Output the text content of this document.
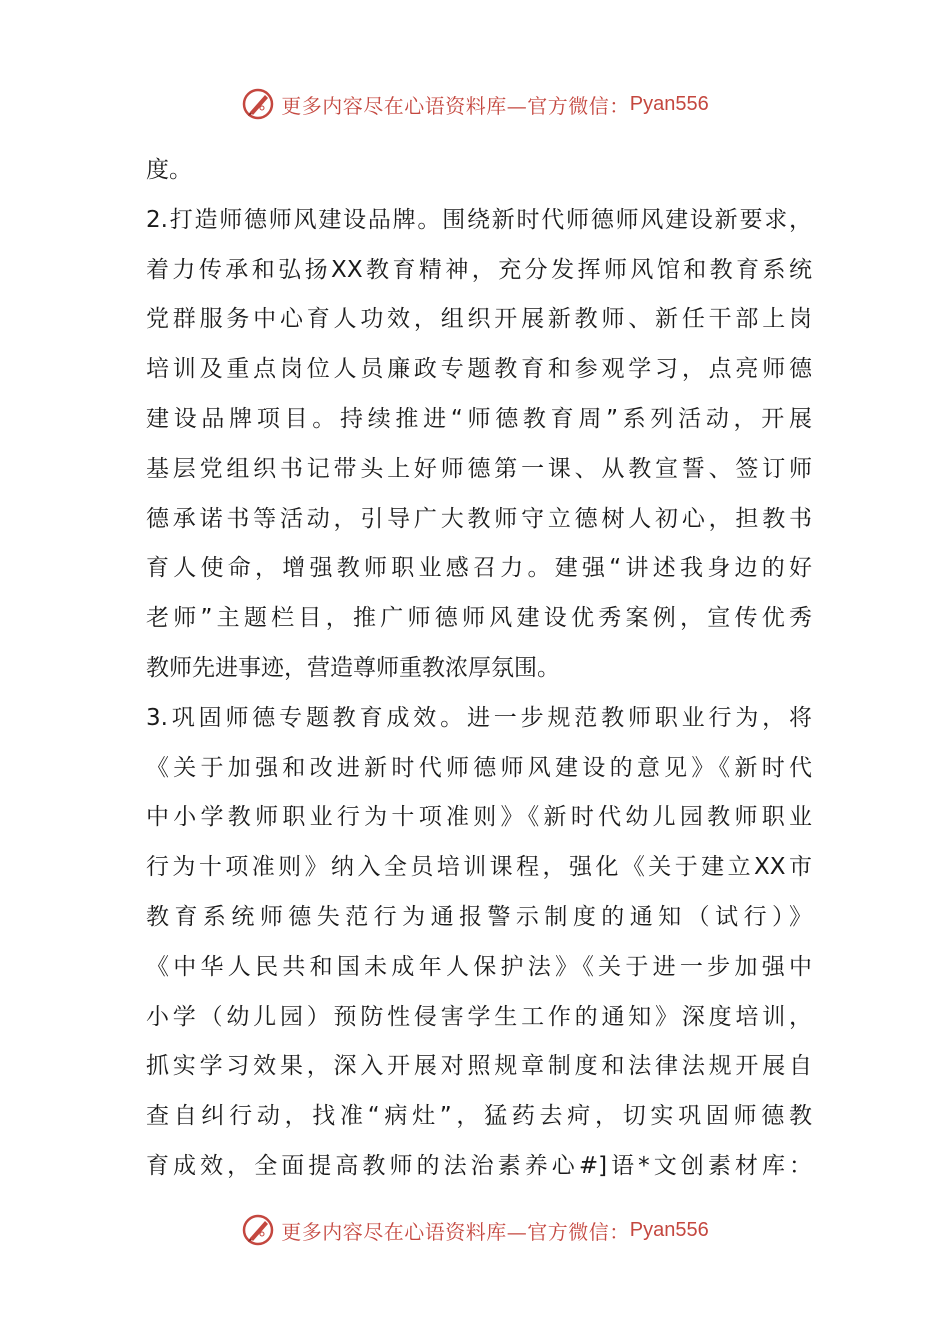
更多内容尽在心语资料库—官方微信： Pyan556
度。
2.打造师德师风建设品牌。围绕新时代师德师风建设新要求，
着力传承和弘扬XX教育精神，充分发挥师风馆和教育系统
党群服务中心育人功效，组织开展新教师、新任干部上岗
培训及重点岗位人员廉政专题教育和参观学习，点亮师德
建设品牌项目。持续推进“师德教育周”系列活动，开展
基层党组织书记带头上好师德第一课、从教宣誓、签订师
德承诺书等活动，引导广大教师守立德树人初心，担教书
育人使命，增强教师职业感召力。建强“讲述我身边的好
老师”主题栏目，推广师德师风建设优秀案例，宣传优秀
教师先进事迹，营造尊师重教浓厚氛围。
3.巩固师德专题教育成效。进一步规范教师职业行为，将
《关于加强和改进新时代师德师风建设的意见》《新时代
中小学教师职业行为十项准则》《新时代幼儿园教师职业
行为十项准则》纳入全员培训课程，强化《关于建立XX市
教育系统师德失范行为通报警示制度的通知（试行）》
《中华人民共和国未成年人保护法》《关于进一步加强中
小学（幼儿园）预防性侵害学生工作的通知》深度培训，
抓实学习效果，深入开展对照规章制度和法律法规开展自
查自纠行动，找准“病灶”，猛药去疴，切实巩固师德教
育成效，全面提高教师的法治素养心#]语*文创素材库：
更多内容尽在心语资料库—官方微信： Pyan556
